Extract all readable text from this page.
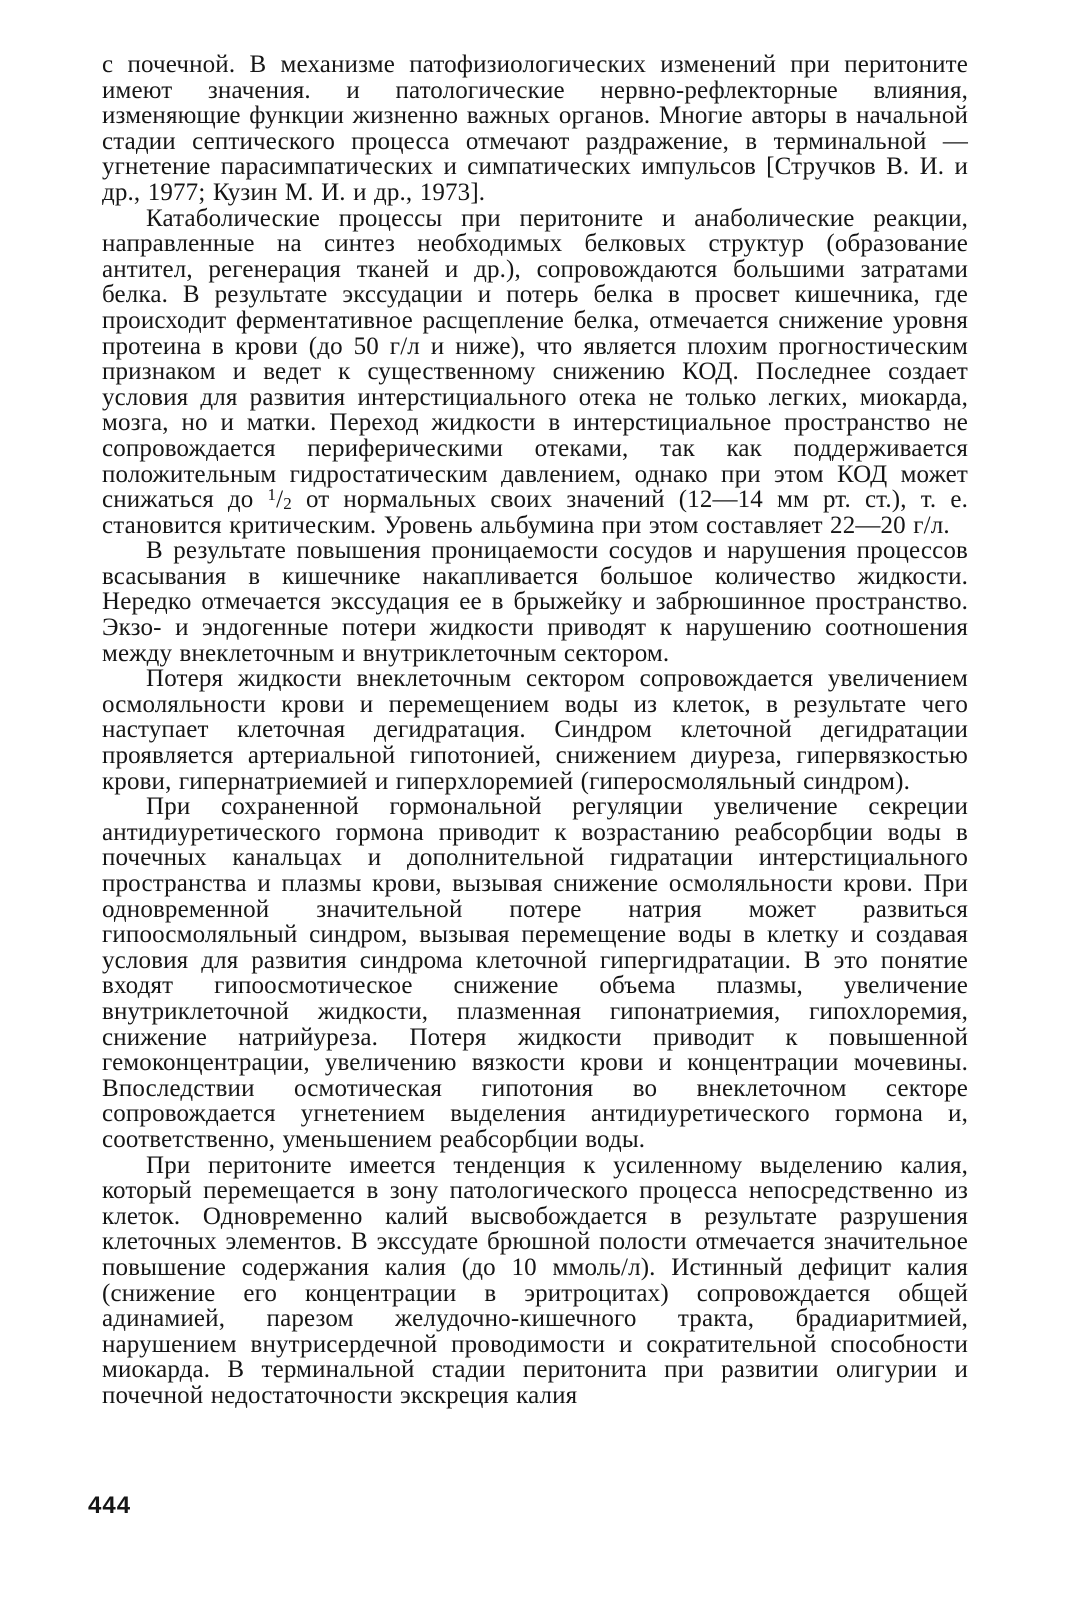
с почечной. В механизме патофизиологических изменений при перитоните имеют значения. и патологические нервно-рефлекторные влияния, изменяющие функции жизненно важных органов. Многие авторы в начальной стадии септического процесса отмечают раздражение, в терминальной — угнетение парасимпатических и симпатических импульсов [Стручков В. И. и др., 1977; Кузин М. И. и др., 1973].

Катаболические процессы при перитоните и анаболические реакции, направленные на синтез необходимых белковых структур (образование антител, регенерация тканей и др.), сопровождаются большими затратами белка. В результате экссудации и потерь белка в просвет кишечника, где происходит ферментативное расщепление белка, отмечается снижение уровня протеина в крови (до 50 г/л и ниже), что является плохим прогностическим признаком и ведет к существенному снижению КОД. Последнее создает условия для развития интерстициального отека не только легких, миокарда, мозга, но и матки. Переход жидкости в интерстициальное пространство не сопровождается периферическими отеками, так как поддерживается положительным гидростатическим давлением, однако при этом КОД может снижаться до $^1$/2 от нормальных своих значений (12—14 мм рт. ст.), т. е. становится критическим. Уровень альбумина при этом составляет 22—20 г/л.

В результате повышения проницаемости сосудов и нарушения процессов всасывания в кишечнике накапливается большое количество жидкости. Нередко отмечается экссудация ее в брыжейку и забрюшинное пространство. Экзо- и эндогенные потери жидкости приводят к нарушению соотношения между внеклеточным и внутриклеточным сектором.

Потеря жидкости внеклеточным сектором сопровождается увеличением осмоляльности крови и перемещением воды из клеток, в результате чего наступает клеточная дегидратация. Синдром клеточной дегидратации проявляется артериальной гипотонией, снижением диуреза, гипервязкостью крови, гипернатриемией и гиперхлоремией (гиперосмоляльный синдром).

При сохраненной гормональной регуляции увеличение секреции антидиуретического гормона приводит к возрастанию реабсорбции воды в почечных канальцах и дополнительной гидратации интерстициального пространства и плазмы крови, вызывая снижение осмоляльности крови. При одновременной значительной потере натрия может развиться гипоосмоляльный синдром, вызывая перемещение воды в клетку и создавая условия для развития синдрома клеточной гипергидратации. В это понятие входят гипоосмотическое снижение объема плазмы, увеличение внутриклеточной жидкости, плазменная гипонатриемия, гипохлоремия, снижение натрийуреза. Потеря жидкости приводит к повышенной гемоконцентрации, увеличению вязкости крови и концентрации мочевины. Впоследствии осмотическая гипотония во внеклеточном секторе сопровождается угнетением выделения антидиуретического гормона и, соответственно, уменьшением реабсорбции воды.

При перитоните имеется тенденция к усиленному выделению калия, который перемещается в зону патологического процесса непосредственно из клеток. Одновременно калий высвобождается в результате разрушения клеточных элементов. В экссудате брюшной полости отмечается значительное повышение содержания калия (до 10 ммоль/л). Истинный дефицит калия (снижение его концентрации в эритроцитах) сопровождается общей адинамией, парезом желудочно-кишечного тракта, брадиаритмией, нарушением внутрисердечной проводимости и сократительной способности миокарда. В терминальной стадии перитонита при развитии олигурии и почечной недостаточности экскреция калия

444
